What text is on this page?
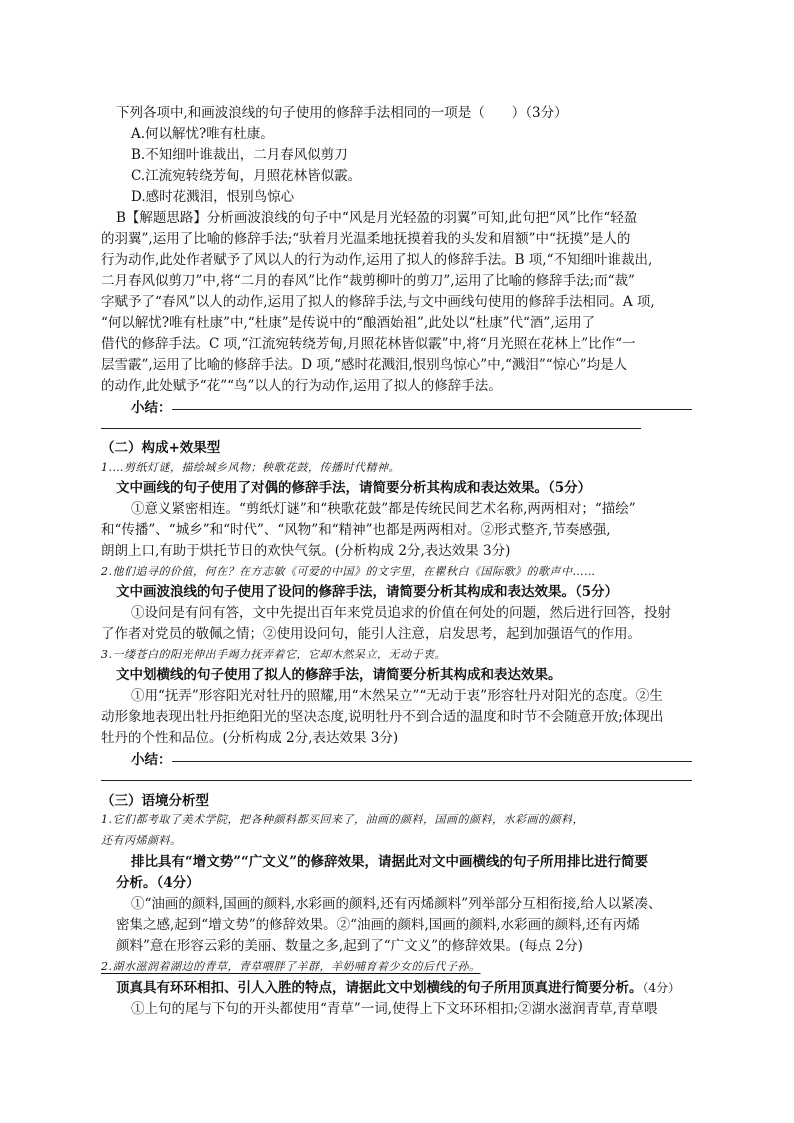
下列各项中,和画波浪线的句子使用的修辞手法相同的一项是（　　）（3分）
A.何以解忧?唯有杜康。
B.不知细叶谁裁出，二月春风似剪刀
C.江流宛转绕芳甸，月照花林皆似霰。
D.感时花溅泪，恨别鸟惊心
B【解题思路】分析画波浪线的句子中“风是月光轻盈的羽翼”可知,此句把“风”比作“轻盈
的羽翼”,运用了比喻的修辞手法;“驮着月光温柔地抚摸着我的头发和眉额”中“抚摸”是人的
行为动作,此处作者赋予了风以人的行为动作,运用了拟人的修辞手法。B 项,“不知细叶谁裁出,
二月春风似剪刀”中,将“二月的春风”比作“裁剪柳叶的剪刀”,运用了比喻的修辞手法;而“裁”
字赋予了“春风”以人的动作,运用了拟人的修辞手法,与文中画线句使用的修辞手法相同。A 项,
“何以解忧?唯有杜康”中,“杜康”是传说中的“酿酒始祖”,此处以“杜康”代“酒”,运用了
借代的修辞手法。C 项,“江流宛转绕芳甸,月照花林皆似霰”中,将“月光照在花林上”比作“一
层雪霰”,运用了比喻的修辞手法。D 项,“感时花溅泪,恨别鸟惊心”中,“溅泪”“惊心”均是人
的动作,此处赋予“花”“鸟”以人的行为动作,运用了拟人的修辞手法。
小结：
（二）构成+效果型
1.…剪纸灯谜，描绘城乡风物；秧歌花鼓，传播时代精神。
文中画线的句子使用了对偶的修辞手法，请简要分析其构成和表达效果。（5分）
①意义紧密相连。“剪纸灯谜”和“秧歌花鼓”都是传统民间艺术名称,两两相对；“描绘”
和“传播”、“城乡”和“时代”、“风物”和“精神”也都是两两相对。②形式整齐,节奏感强,
朗朗上口,有助于烘托节日的欢快气氛。(分析构成 2分,表达效果 3分)
2.他们追寻的价值，何在？在方志敏《可爱的中国》的文字里，在瞿秋白《国际歌》的歌声中……
文中画波浪线的句子使用了设问的修辞手法，请简要分析其构成和表达效果。（5分）
①设问是有问有答，文中先提出百年来党员追求的价值在何处的问题，然后进行回答，投射
了作者对党员的敬佩之情；②使用设问句，能引人注意，启发思考，起到加强语气的作用。
3.一缕苍白的阳光伸出手竭力抚弄着它，它却木然呆立，无动于衷。
文中划横线的句子使用了拟人的修辞手法，请简要分析其构成和表达效果。
①用“抚弄”形容阳光对牡丹的照耀,用“木然呆立”“无动于衷”形容牡丹对阳光的态度。②生
动形象地表现出牡丹拒绝阳光的坚决态度,说明牡丹不到合适的温度和时节不会随意开放;体现出
牡丹的个性和品位。(分析构成 2分,表达效果 3分)
小结：
（三）语境分析型
1.它们都考取了美术学院，把各种颜料都买回来了，油画的颜料，国画的颜料，水彩画的颜料，
还有丙烯颜料。
排比具有“增文势”“广文义”的修辞效果，请据此对文中画横线的句子所用排比进行简要
分析。（4分）
①“油画的颜料,国画的颜料,水彩画的颜料,还有丙烯颜料”列举部分互相衔接,给人以紧凑、
密集之感,起到“增文势”的修辞效果。②“油画的颜料,国画的颜料,水彩画的颜料,还有丙烯
颜料”意在形容云彩的美丽、数量之多,起到了“广文义”的修辞效果。(每点 2分)
2.湖水滋润着湖边的青草，青草喂胖了羊群，羊奶哺育着少女的后代子孙。
顶真具有环环相扣、引人入胜的特点，请据此文中划横线的句子所用顶真进行简要分析。（4分）
①上句的尾与下句的开头都使用“青草”一词,使得上下文环环相扣;②湖水滋润青草,青草喂
